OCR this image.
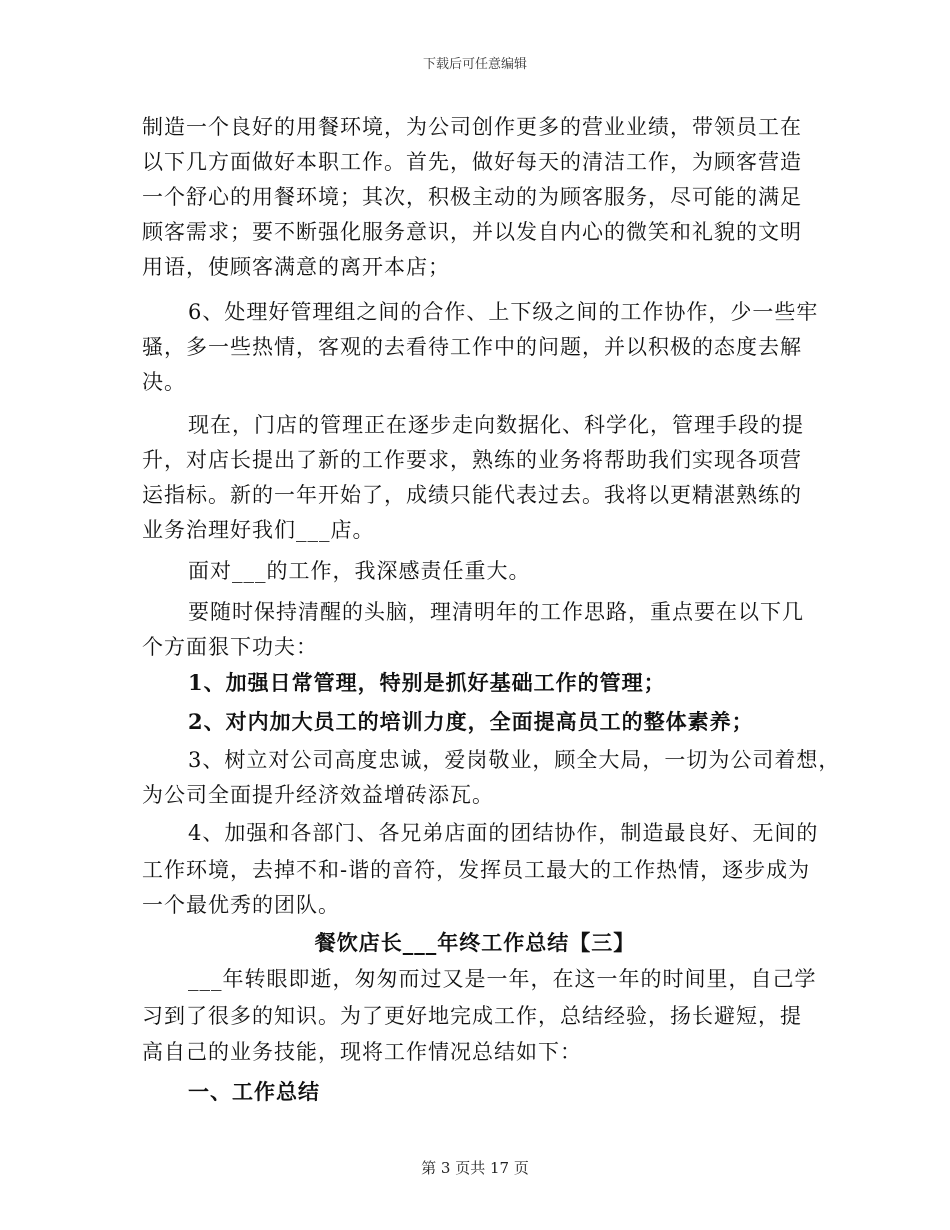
下载后可任意编辑
制造一个良好的用餐环境，为公司创作更多的营业业绩，带领员工在
以下几方面做好本职工作。首先，做好每天的清洁工作，为顾客营造
一个舒心的用餐环境；其次，积极主动的为顾客服务，尽可能的满足
顾客需求；要不断强化服务意识，并以发自内心的微笑和礼貌的文明
用语，使顾客满意的离开本店；
6、处理好管理组之间的合作、上下级之间的工作协作，少一些牢
骚，多一些热情，客观的去看待工作中的问题，并以积极的态度去解
决。
现在，门店的管理正在逐步走向数据化、科学化，管理手段的提
升，对店长提出了新的工作要求，熟练的业务将帮助我们实现各项营
运指标。新的一年开始了，成绩只能代表过去。我将以更精湛熟练的
业务治理好我们___店。
面对___的工作，我深感责任重大。
要随时保持清醒的头脑，理清明年的工作思路，重点要在以下几
个方面狠下功夫：
1、加强日常管理，特别是抓好基础工作的管理；
2、对内加大员工的培训力度，全面提高员工的整体素养；
3、树立对公司高度忠诚，爱岗敬业，顾全大局，一切为公司着想，
为公司全面提升经济效益增砖添瓦。
4、加强和各部门、各兄弟店面的团结协作，制造最良好、无间的
工作环境，去掉不和-谐的音符，发挥员工最大的工作热情，逐步成为
一个最优秀的团队。
餐饮店长___年终工作总结【三】
___年转眼即逝，匆匆而过又是一年，在这一年的时间里，自己学
习到了很多的知识。为了更好地完成工作，总结经验，扬长避短，提
高自己的业务技能，现将工作情况总结如下：
一、工作总结
第 3 页共 17 页
